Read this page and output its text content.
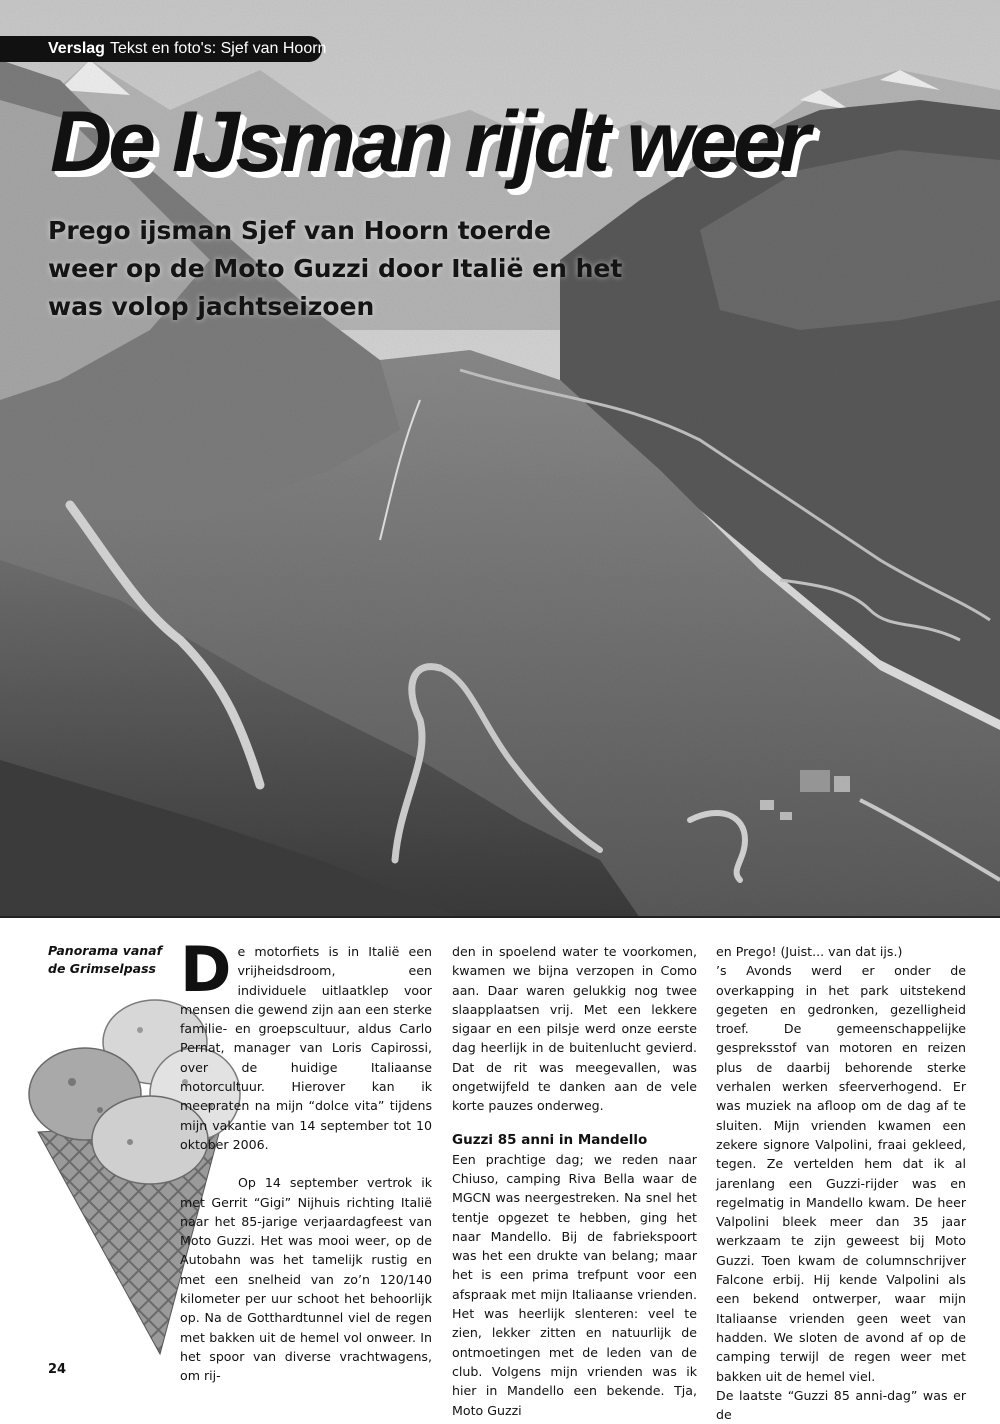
Verslag Tekst en foto's: Sjef van Hoorn
De IJsman rijdt weer
Prego ijsman Sjef van Hoorn toerde weer op de Moto Guzzi door Italië en het was volop jachtseizoen
Panorama vanaf de Grimselpass D e motorfiets is in Italië een vrijheidsdroom, een individuele uitlaatklep voor mensen die gewend zijn aan een sterke familie- en groepscultuur, aldus Carlo Pernat, manager van Loris Capirossi, over de huidige Italiaanse motorcultuur. Hierover kan ik meepraten na mijn “dolce vita” tijdens mijn vakantie van 14 september tot 10 oktober 2006.

Op 14 september vertrok ik met Gerrit “Gigi” Nijhuis richting Italië naar het 85-jarige verjaardagfeest van Moto Guzzi. Het was mooi weer, op de Autobahn was het tamelijk rustig en met een snelheid van zo’n 120/140 kilometer per uur schoot het behoorlijk op. Na de Gotthardtunnel viel de regen met bakken uit de hemel vol onweer. In het spoor van diverse vrachtwagens, om rij-

den in spoelend water te voorkomen, kwamen we bijna verzopen in Como aan. Daar waren gelukkig nog twee slaapplaatsen vrij. Met een lekkere sigaar en een pilsje werd onze eerste dag heerlijk in de buitenlucht gevierd. Dat de rit was meegevallen, was ongetwijfeld te danken aan de vele korte pauzes onderweg.

Guzzi 85 anni in Mandello

Een prachtige dag; we reden naar Chiuso, camping Riva Bella waar de MGCN was neergestreken. Na snel het tentje opgezet te hebben, ging het naar Mandello. Bij de fabriekspoort was het een drukte van belang; maar het is een prima trefpunt voor een afspraak met mijn Italiaanse vrienden. Het was heerlijk slenteren: veel te zien, lekker zitten en natuurlijk de ontmoetingen met de leden van de club. Volgens mijn vrienden was ik hier in Mandello een bekende. Tja, Moto Guzzi

en Prego! (Juist... van dat ijs.)

’s Avonds werd er onder de overkapping in het park uitstekend gegeten en gedronken, gezelligheid troef. De gemeenschappelijke gespreksstof van motoren en reizen plus de daarbij behorende sterke verhalen werken sfeerverhogend. Er was muziek na afloop om de dag af te sluiten. Mijn vrienden kwamen een zekere signore Valpolini, fraai gekleed, tegen. Ze vertelden hem dat ik al jarenlang een Guzzi-rijder was en regelmatig in Mandello kwam. De heer Valpolini bleek meer dan 35 jaar werkzaam te zijn geweest bij Moto Guzzi. Toen kwam de columnschrijver Falcone erbij. Hij kende Valpolini als een bekend ontwerper, waar mijn Italiaanse vrienden geen weet van hadden. We sloten de avond af op de camping terwijl de regen weer met bakken uit de hemel viel.

De laatste “Guzzi 85 anni-dag” was er de

24
